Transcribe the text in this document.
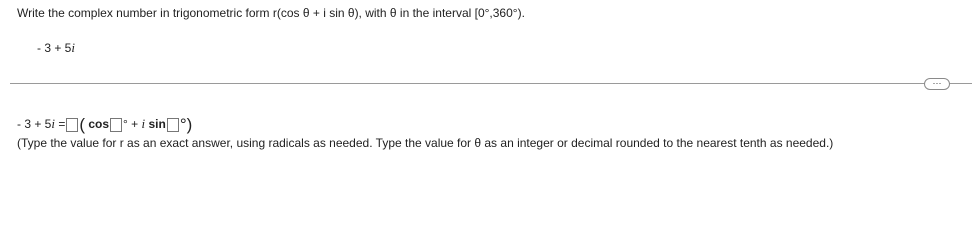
Write the complex number in trigonometric form r(cos θ + i sin θ), with θ in the interval [0°,360°).
- 3 + 5i
···
- 3 + 5i = ( cos ° + i sin °)
(Type the value for r as an exact answer, using radicals as needed. Type the value for θ as an integer or decimal rounded to the nearest tenth as needed.)
